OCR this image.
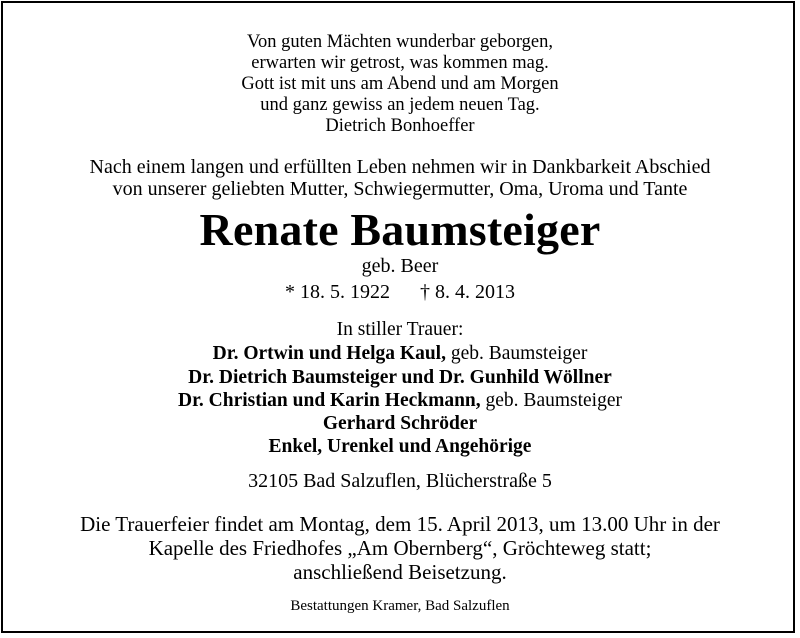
Von guten Mächten wunderbar geborgen,
erwarten wir getrost, was kommen mag.
Gott ist mit uns am Abend und am Morgen
und ganz gewiss an jedem neuen Tag.
Dietrich Bonhoeffer
Nach einem langen und erfüllten Leben nehmen wir in Dankbarkeit Abschied
von unserer geliebten Mutter, Schwiegermutter, Oma, Uroma und Tante
Renate Baumsteiger
geb. Beer
* 18. 5. 1922 † 8. 4. 2013
In stiller Trauer:
Dr. Ortwin und Helga Kaul, geb. Baumsteiger
Dr. Dietrich Baumsteiger und Dr. Gunhild Wöllner
Dr. Christian und Karin Heckmann, geb. Baumsteiger
Gerhard Schröder
Enkel, Urenkel und Angehörige
32105 Bad Salzuflen, Blücherstraße 5
Die Trauerfeier findet am Montag, dem 15. April 2013, um 13.00 Uhr in der
Kapelle des Friedhofes „Am Obernberg“, Gröchteweg statt;
anschließend Beisetzung.
Bestattungen Kramer, Bad Salzuflen
